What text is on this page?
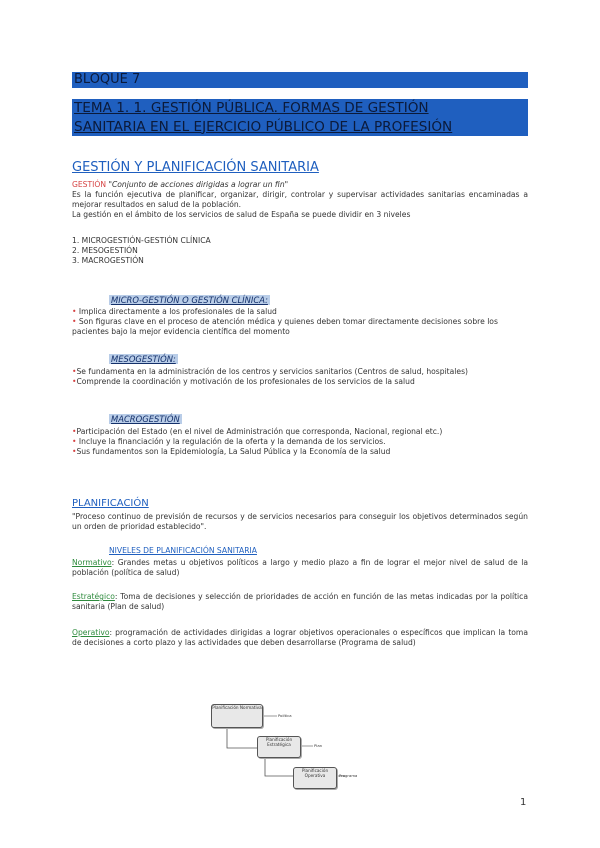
BLOQUE 7
TEMA 1. 1. GESTIÓN PÚBLICA. FORMAS DE GESTIÓN
SANITARIA EN EL EJERCICIO PÚBLICO DE LA PROFESIÓN
GESTIÓN Y PLANIFICACIÓN SANITARIA
GESTIÓN "Conjunto de acciones dirigidas a lograr un fin"
Es la función ejecutiva de planificar, organizar, dirigir, controlar y supervisar actividades sanitarias encaminadas a mejorar resultados en salud de la población.
La gestión en el ámbito de los servicios de salud de España se puede dividir en 3 niveles
1. MICROGESTIÓN-GESTIÓN CLÍNICA
2. MESOGESTIÓN
3. MACROGESTIÓN
MICRO-GESTIÓN O GESTIÓN CLÍNICA:
• Implica directamente a los profesionales de la salud
• Son figuras clave en el proceso de atención médica y quienes deben tomar directamente decisiones sobre los pacientes bajo la mejor evidencia científica del momento
MESOGESTIÓN:
•Se fundamenta en la administración de los centros y servicios sanitarios (Centros de salud, hospitales)
•Comprende la coordinación y motivación de los profesionales de los servicios de la salud
MACROGESTIÓN
•Participación del Estado (en el nivel de Administración que corresponda, Nacional, regional etc.)
• Incluye la financiación y la regulación de la oferta y la demanda de los servicios.
•Sus fundamentos son la Epidemiología, La Salud Pública y la Economía de la salud
PLANIFICACIÓN
"Proceso continuo de previsión de recursos y de servicios necesarios para conseguir los objetivos determinados según un orden de prioridad establecido".
NIVELES DE PLANIFICACIÓN SANITARIA
Normativo: Grandes metas u objetivos políticos a largo y medio plazo a fin de lograr el mejor nivel de salud de la población (política de salud)
Estratégico: Toma de decisiones y selección de prioridades de acción en función de las metas indicadas por la política sanitaria (Plan de salud)
Operativo: programación de actividades dirigidas a lograr objetivos operacionales o específicos que implican la toma de decisiones a corto plazo y las actividades que deben desarrollarse (Programa de salud)
Planificación Normativa
Planificación Estratégica
Planificación Operativa
Política
Plan
Programa
1
